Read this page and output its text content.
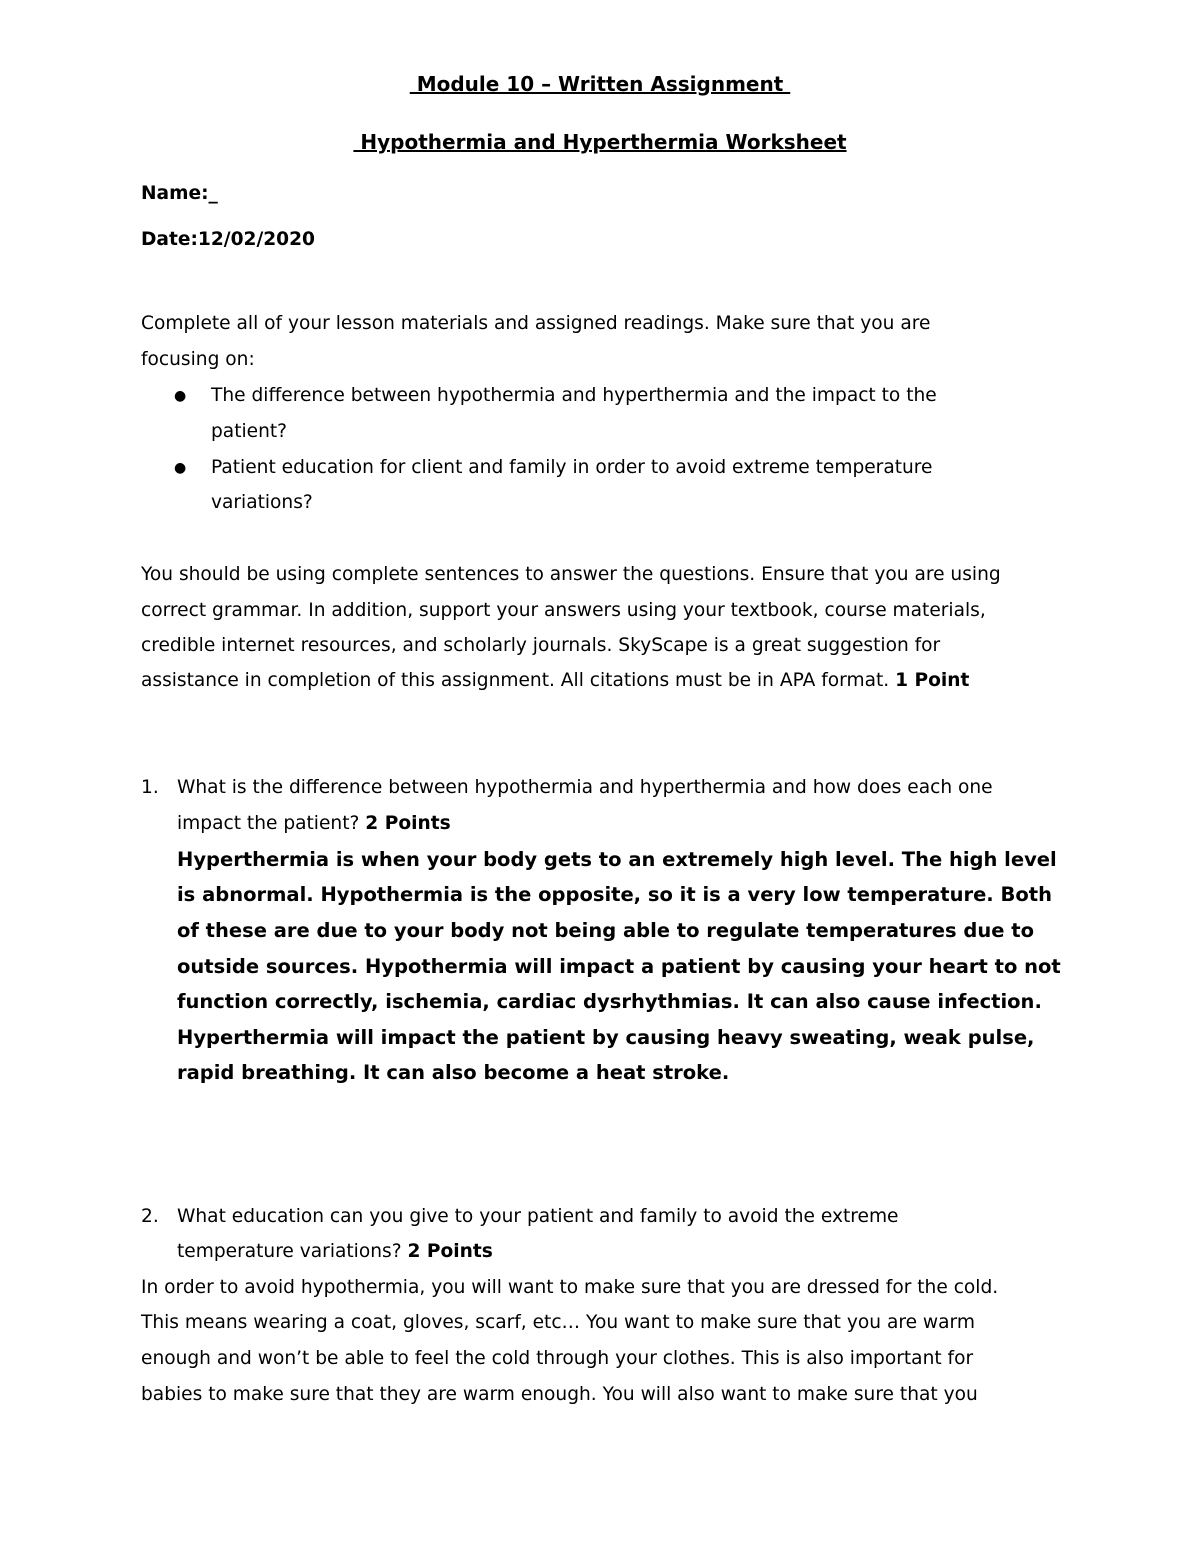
Module 10 – Written Assignment
Hypothermia and Hyperthermia Worksheet
Name:_
Date:12/02/2020
Complete all of your lesson materials and assigned readings. Make sure that you are
focusing on:
● The difference between hypothermia and hyperthermia and the impact to the
patient?
● Patient education for client and family in order to avoid extreme temperature
variations?
You should be using complete sentences to answer the questions. Ensure that you are using
correct grammar. In addition, support your answers using your textbook, course materials,
credible internet resources, and scholarly journals. SkyScape is a great suggestion for
assistance in completion of this assignment. All citations must be in APA format. 1 Point
1. What is the difference between hypothermia and hyperthermia and how does each one
impact the patient? 2 Points
Hyperthermia is when your body gets to an extremely high level. The high level
is abnormal. Hypothermia is the opposite, so it is a very low temperature. Both
of these are due to your body not being able to regulate temperatures due to
outside sources. Hypothermia will impact a patient by causing your heart to not
function correctly, ischemia, cardiac dysrhythmias. It can also cause infection.
Hyperthermia will impact the patient by causing heavy sweating, weak pulse,
rapid breathing. It can also become a heat stroke.
2. What education can you give to your patient and family to avoid the extreme
temperature variations? 2 Points
In order to avoid hypothermia, you will want to make sure that you are dressed for the cold.
This means wearing a coat, gloves, scarf, etc… You want to make sure that you are warm
enough and won’t be able to feel the cold through your clothes. This is also important for
babies to make sure that they are warm enough. You will also want to make sure that you
